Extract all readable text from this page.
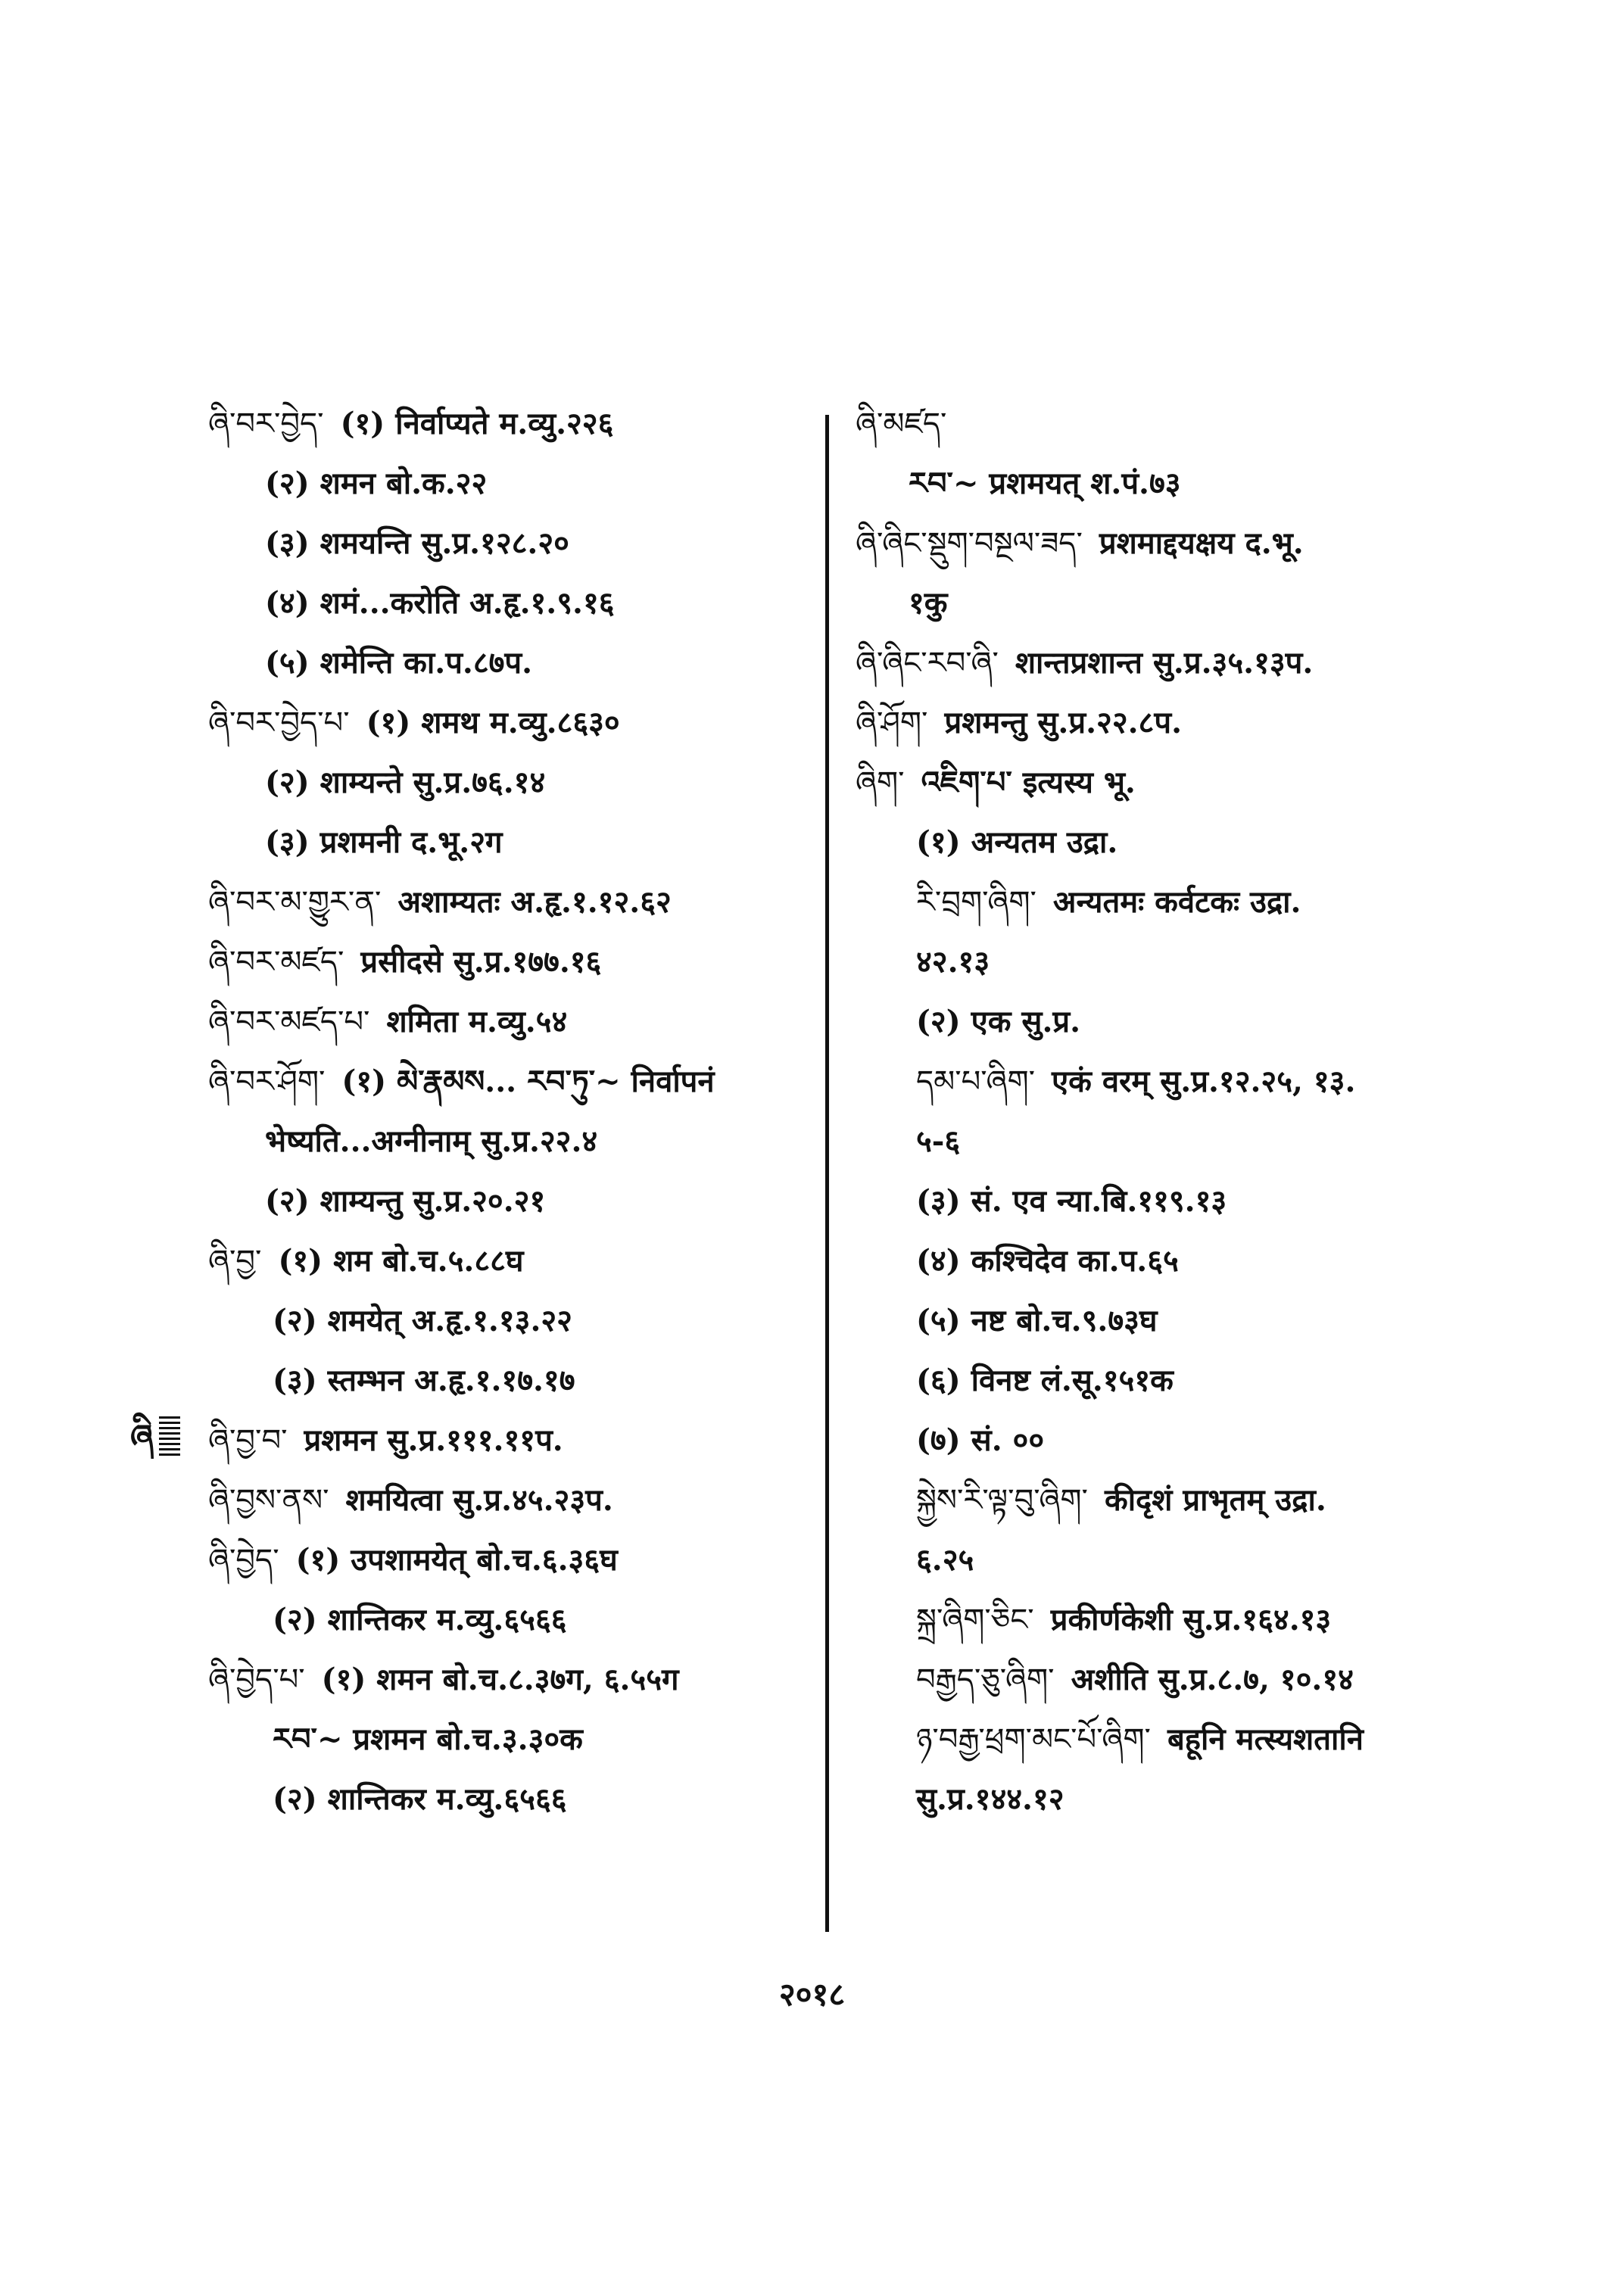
ཞི་བར་བྱེད་ (१) निर्वाप्यते म.व्यु.२२६
(२) शमन बो.क.२२
(३) शमयन्ति सु.प्र.१२८.२०
(४) शमं...करोति अ.हृ.१.९.१६
(५) शमेन्ति का.प.८७प.
ཞི་བར་བྱེད་པ་ (१) शमथ म.व्यु.८६३०
(२) शाम्यन्ते सु.प्र.७६.१४
(३) प्रशमनी द.भू.२ग
ཞི་བར་མ་གྱུར་ན་ अशाम्यतः अ.हृ.१.१२.६२
ཞི་བར་མཛད་ प्रसीदसे सु.प्र.१७७.१६
ཞི་བར་མཛད་པ་ शमिता म.व्यु.५४
ཞི་བར་ཤོག་ (१) མེ་རྣམས... རབ་ཏུ་~ निर्वापनं
भेष्यति...अग्नीनाम् सु.प्र.२२.४
(२) शाम्यन्तु सु.प्र.२०.२१
ཞི་བྱ་ (१) शम बो.च.५.८८घ
(२) शमयेत् अ.हृ.१.१३.२२
(३) स्तम्भन अ.हृ.१.१७.१७
ཞི་བྱ་བ་ प्रशमन सु.प्र.१११.११प.
ཞི་བྱས་ནས་ शमयित्वा सु.प्र.४५.२३प.
ཞི་བྱེད་ (१) उपशामयेत् बो.च.६.३६घ
(२) शान्तिकर म.व्यु.६५६६
ཞི་བྱེད་པ་ (१) शमन बो.च.८.३७ग, ६.५५ग
རབ་~ प्रशमन बो.च.३.३०क
(२) शान्तिकर म.व्यु.६५६६
ཞི་མཛད་
རབ་~ प्रशमयत् श.पं.७३
ཞི་ཞིང་སྡུག་བསྔལ་ཟད་ प्रशमाद्दयक्षय द.भू.
१कु
ཞི་ཞིང་རབ་ཞི་ शान्तप्रशान्त सु.प्र.३५.१३प.
ཞི་ཤོག་ प्रशमन्तु सु.प्र.२२.८प.
ཞིག་ འཇིག་པ་ इत्यस्य भू.
(१) अन्यतम उद्रा.
རི་བྲག་ཞིག་ अन्यतमः कर्वटकः उद्रा.
४२.१३
(२) एक सु.प्र.
དམ་པ་ཞིག་ एकं वरम् सु.प्र.१२.२५, १३.
५-६
(३) सं. एव न्या.बि.११९.१३
(४) कश्चिदेव का.प.६५
(५) नष्ट बो.च.९.७३घ
(६) विनष्ट लं.सू.१५१क
(७) सं. ००
སྐྱེས་རི་ལྟ་བུ་ཞིག་ कीदृशं प्राभृतम् उद्रा.
६.२५
སྐྲ་ཞིག་ཅིང་ प्रकीर्णकेशी सु.प्र.१६४.१३
བརྒྱད་ཅུ་ཞིག་ अशीति सु.प्र.८.७, १०.१४
ཉ་བརྒྱ་ཕྲག་མང་པོ་ཞིག་ बहूनि मत्स्यशतानि
सु.प्र.१४४.१२
ཞི
२०१८
